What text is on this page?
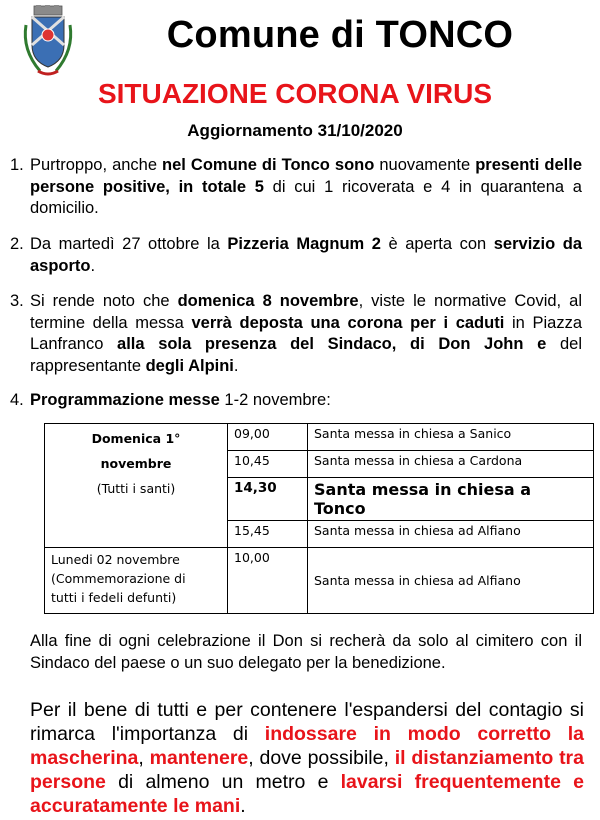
Comune di TONCO
SITUAZIONE CORONA VIRUS
Aggiornamento 31/10/2020
1. Purtroppo, anche nel Comune di Tonco sono nuovamente presenti delle persone positive, in totale 5 di cui 1 ricoverata e 4 in quarantena a domicilio.
2. Da martedì 27 ottobre la Pizzeria Magnum 2 è aperta con servizio da asporto.
3. Si rende noto che domenica 8 novembre, viste le normative Covid, al termine della messa verrà deposta una corona per i caduti in Piazza Lanfranco alla sola presenza del Sindaco, di Don John e del rappresentante degli Alpini.
4. Programmazione messe 1-2 novembre:
Domenica 1°
novembre
(Tutti i santi)	09,00	Santa messa in chiesa a Sanico
	10,45	Santa messa in chiesa a Cardona
	14,30	Santa messa in chiesa a Tonco
	15,45	Santa messa in chiesa ad Alfiano

Lunedi 02 novembre
(Commemorazione di
tutti i fedeli defunti)	10,00	Santa messa in chiesa ad Alfiano
Alla fine di ogni celebrazione il Don si recherà da solo al cimitero con il Sindaco del paese o un suo delegato per la benedizione.
Per il bene di tutti e per contenere l'espandersi del contagio si rimarca l'importanza di indossare in modo corretto la mascherina, mantenere, dove possibile, il distanziamento tra persone di almeno un metro e lavarsi frequentemente e accuratamente le mani.
